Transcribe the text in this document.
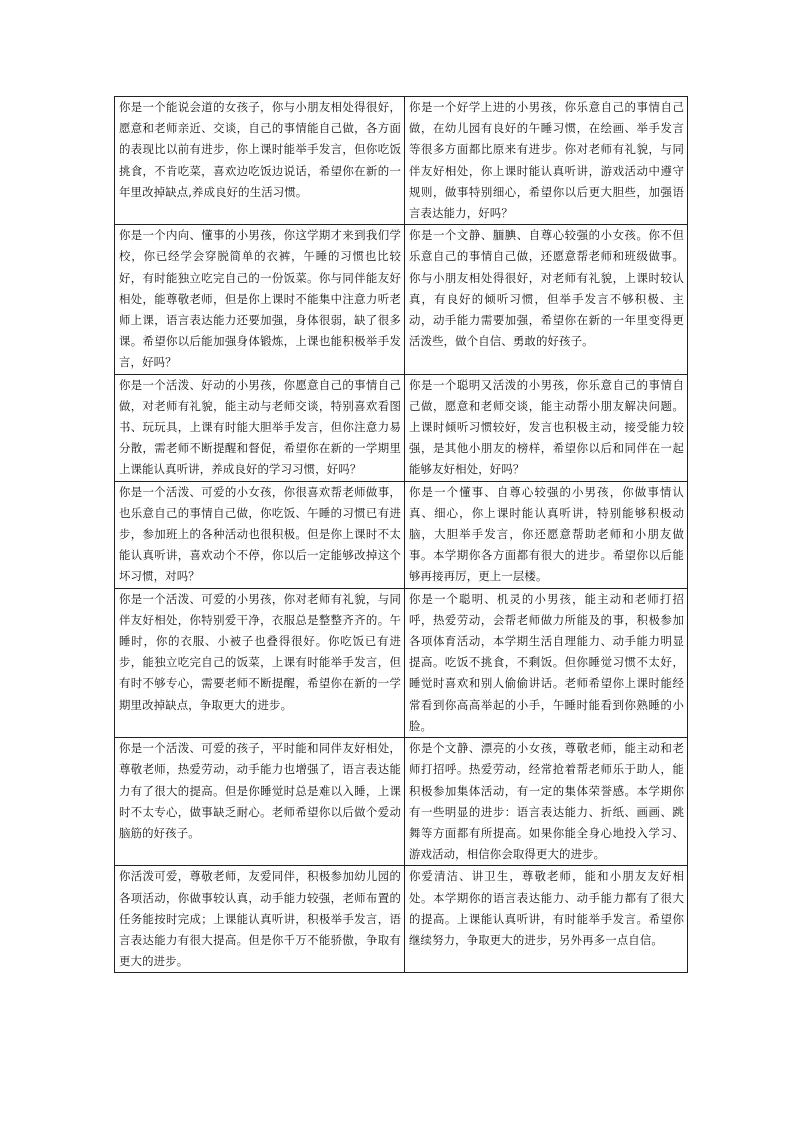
你是一个能说会道的女孩子，你与小朋友相处得很好，愿意和老师亲近、交谈，自己的事情能自己做，各方面的表现比以前有进步，你上课时能举手发言，但你吃饭挑食，不肯吃菜，喜欢边吃饭边说话，希望你在新的一年里改掉缺点,养成良好的生活习惯。	你是一个好学上进的小男孩，你乐意自己的事情自己做，在幼儿园有良好的午睡习惯，在绘画、举手发言等很多方面都比原来有进步。你对老师有礼貌，与同伴友好相处，你上课时能认真听讲，游戏活动中遵守规则，做事特别细心，希望你以后更大胆些，加强语言表达能力，好吗？
你是一个内向、懂事的小男孩，你这学期才来到我们学校，你已经学会穿脱简单的衣裤，午睡的习惯也比较好，有时能独立吃完自己的一份饭菜。你与同伴能友好相处，能尊敬老师，但是你上课时不能集中注意力听老师上课，语言表达能力还要加强，身体很弱，缺了很多课。希望你以后能加强身体锻炼，上课也能积极举手发言，好吗？	你是一个文静、腼腆、自尊心较强的小女孩。你不但乐意自己的事情自己做，还愿意帮老师和班级做事。你与小朋友相处得很好，对老师有礼貌，上课时较认真，有良好的倾听习惯，但举手发言不够积极、主动，动手能力需要加强，希望你在新的一年里变得更活泼些，做个自信、勇敢的好孩子。
你是一个活泼、好动的小男孩，你愿意自己的事情自己做，对老师有礼貌，能主动与老师交谈，特别喜欢看图书、玩玩具，上课有时能大胆举手发言，但你注意力易分散，需老师不断提醒和督促，希望你在新的一学期里上课能认真听讲，养成良好的学习习惯，好吗？	你是一个聪明又活泼的小男孩，你乐意自己的事情自己做，愿意和老师交谈，能主动帮小朋友解决问题。上课时倾听习惯较好，发言也积极主动，接受能力较强，是其他小朋友的榜样，希望你以后和同伴在一起能够友好相处，好吗？
你是一个活泼、可爱的小女孩，你很喜欢帮老师做事，也乐意自己的事情自己做，你吃饭、午睡的习惯已有进步，参加班上的各种活动也很积极。但是你上课时不太能认真听讲，喜欢动个不停，你以后一定能够改掉这个坏习惯，对吗？	你是一个懂事、自尊心较强的小男孩，你做事情认真、细心，你上课时能认真听讲，特别能够积极动脑，大胆举手发言，你还愿意帮助老师和小朋友做事。本学期你各方面都有很大的进步。希望你以后能够再接再厉，更上一层楼。
你是一个活泼、可爱的小男孩，你对老师有礼貌，与同伴友好相处，你特别爱干净，衣服总是整整齐齐的。午睡时，你的衣服、小被子也叠得很好。你吃饭已有进步，能独立吃完自己的饭菜，上课有时能举手发言，但有时不够专心，需要老师不断提醒，希望你在新的一学期里改掉缺点，争取更大的进步。	你是一个聪明、机灵的小男孩，能主动和老师打招呼，热爱劳动，会帮老师做力所能及的事，积极参加各项体育活动，本学期生活自理能力、动手能力明显提高。吃饭不挑食，不剩饭。但你睡觉习惯不太好，睡觉时喜欢和别人偷偷讲话。老师希望你上课时能经常看到你高高举起的小手，午睡时能看到你熟睡的小脸。
你是一个活泼、可爱的孩子，平时能和同伴友好相处，尊敬老师，热爱劳动，动手能力也增强了，语言表达能力有了很大的提高。但是你睡觉时总是难以入睡，上课时不太专心，做事缺乏耐心。老师希望你以后做个爱动脑筋的好孩子。	你是个文静、漂亮的小女孩，尊敬老师，能主动和老师打招呼。热爱劳动，经常抢着帮老师乐于助人，能积极参加集体活动，有一定的集体荣誉感。本学期你有一些明显的进步：语言表达能力、折纸、画画、跳舞等方面都有所提高。如果你能全身心地投入学习、游戏活动，相信你会取得更大的进步。
你活泼可爱，尊敬老师，友爱同伴，积极参加幼儿园的各项活动，你做事较认真，动手能力较强，老师布置的任务能按时完成；上课能认真听讲，积极举手发言，语言表达能力有很大提高。但是你千万不能骄傲，争取有更大的进步。	你爱清洁、讲卫生，尊敬老师，能和小朋友友好相处。本学期你的语言表达能力、动手能力都有了很大的提高。上课能认真听讲，有时能举手发言。希望你继续努力，争取更大的进步，另外再多一点自信。
